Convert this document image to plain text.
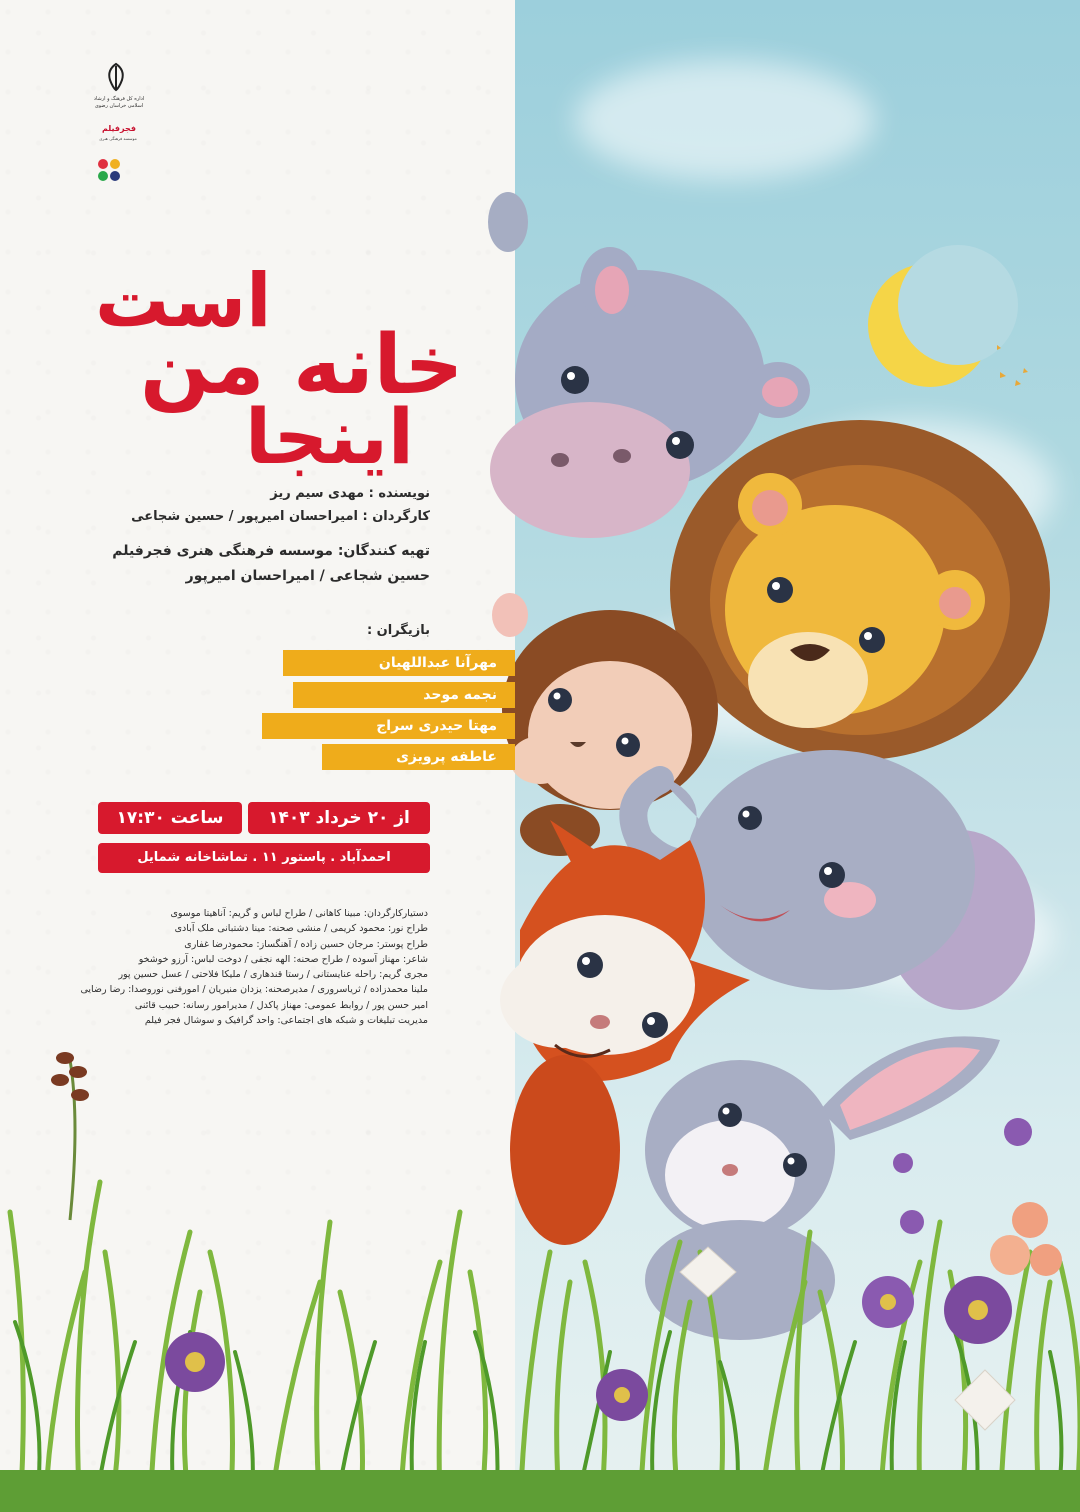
اداره کل فرهنگ و ارشاد اسلامی خراسان رضوی
فجرفیلم
موسسه فرهنگی هنری
است
خانه من
اینجا
نویسنده : مهدی سیم ریز
کارگردان : امیراحسان امیرپور / حسین شجاعی
تهیه کنندگان: موسسه فرهنگی هنری فجرفیلم
حسین شجاعی / امیراحسان امیرپور
بازیگران :
مهرآنا عبداللهیان
نجمه موحد
مهتا حیدری سراج
عاطفه پرویزی
از ۲۰ خرداد ۱۴۰۳
ساعت ۱۷:۳۰
احمدآباد . پاستور ۱۱ . تماشاخانه شمایل
دستیارکارگردان: مبینا کاهانی / طراح لباس و گریم: آناهیتا موسوی
طراح نور: محمود کریمی / منشی صحنه: مینا دشتبانی ملک آبادی
طراح پوستر: مرجان حسین زاده / آهنگساز: محمودرضا غفاری
شاعر: مهناز آسوده / طراح صحنه: الهه نجفی / دوخت لباس: آرزو خوشخو
مجری گریم: راحله عنایستانی / رستا قندهاری / ملیکا فلاحتی / عسل حسین پور
ملینا محمدزاده / ثریاسروری / مدیرصحنه: یزدان منیریان / امورفنی نوروصدا: رضا رضایی
امیر حسن پور / روابط عمومی: مهناز پاکدل / مدیرامور رسانه: حبیب قائنی
مدیریت تبلیغات و شبکه های اجتماعی: واحد گرافیک و سوشال فجر فیلم
